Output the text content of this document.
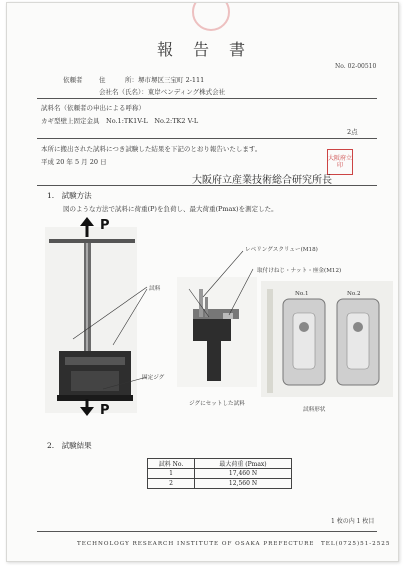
報告書
No. 02-00510
依頼者	住　　　所：堺市堺区三宝町 2-111
会社名（氏名）：東岸ベンディング株式会社
試料名（依頼者の申出による呼称）
カギ型壁上固定金具　No.1:TK1V-L　No.2:TK2 V-L
2点
本所に搬出された試料につき試験した結果を下記のとおり報告いたします。
平成 20 年 5 月 20 日	大阪府立印
大阪府立産業技術総合研究所長
1.　試験方法
図のような方法で試料に荷重(P)を負荷し、最大荷重(Pmax)を測定した。
P
P
レベリングスクリュー(M18)
取付けねじ・ナット・座金(M12)
試料
固定ジグ
ジグにセットした試料
No.1	No.2
試料形状
2.　試験結果
試料 No.	最大荷重 (Pmax)
1	17,460 N
2	12,560 N
1 枚の内 1 枚目
TECHNOLOGY RESEARCH INSTITUTE OF OSAKA PREFECTURE　TEL(0725)51-2525
